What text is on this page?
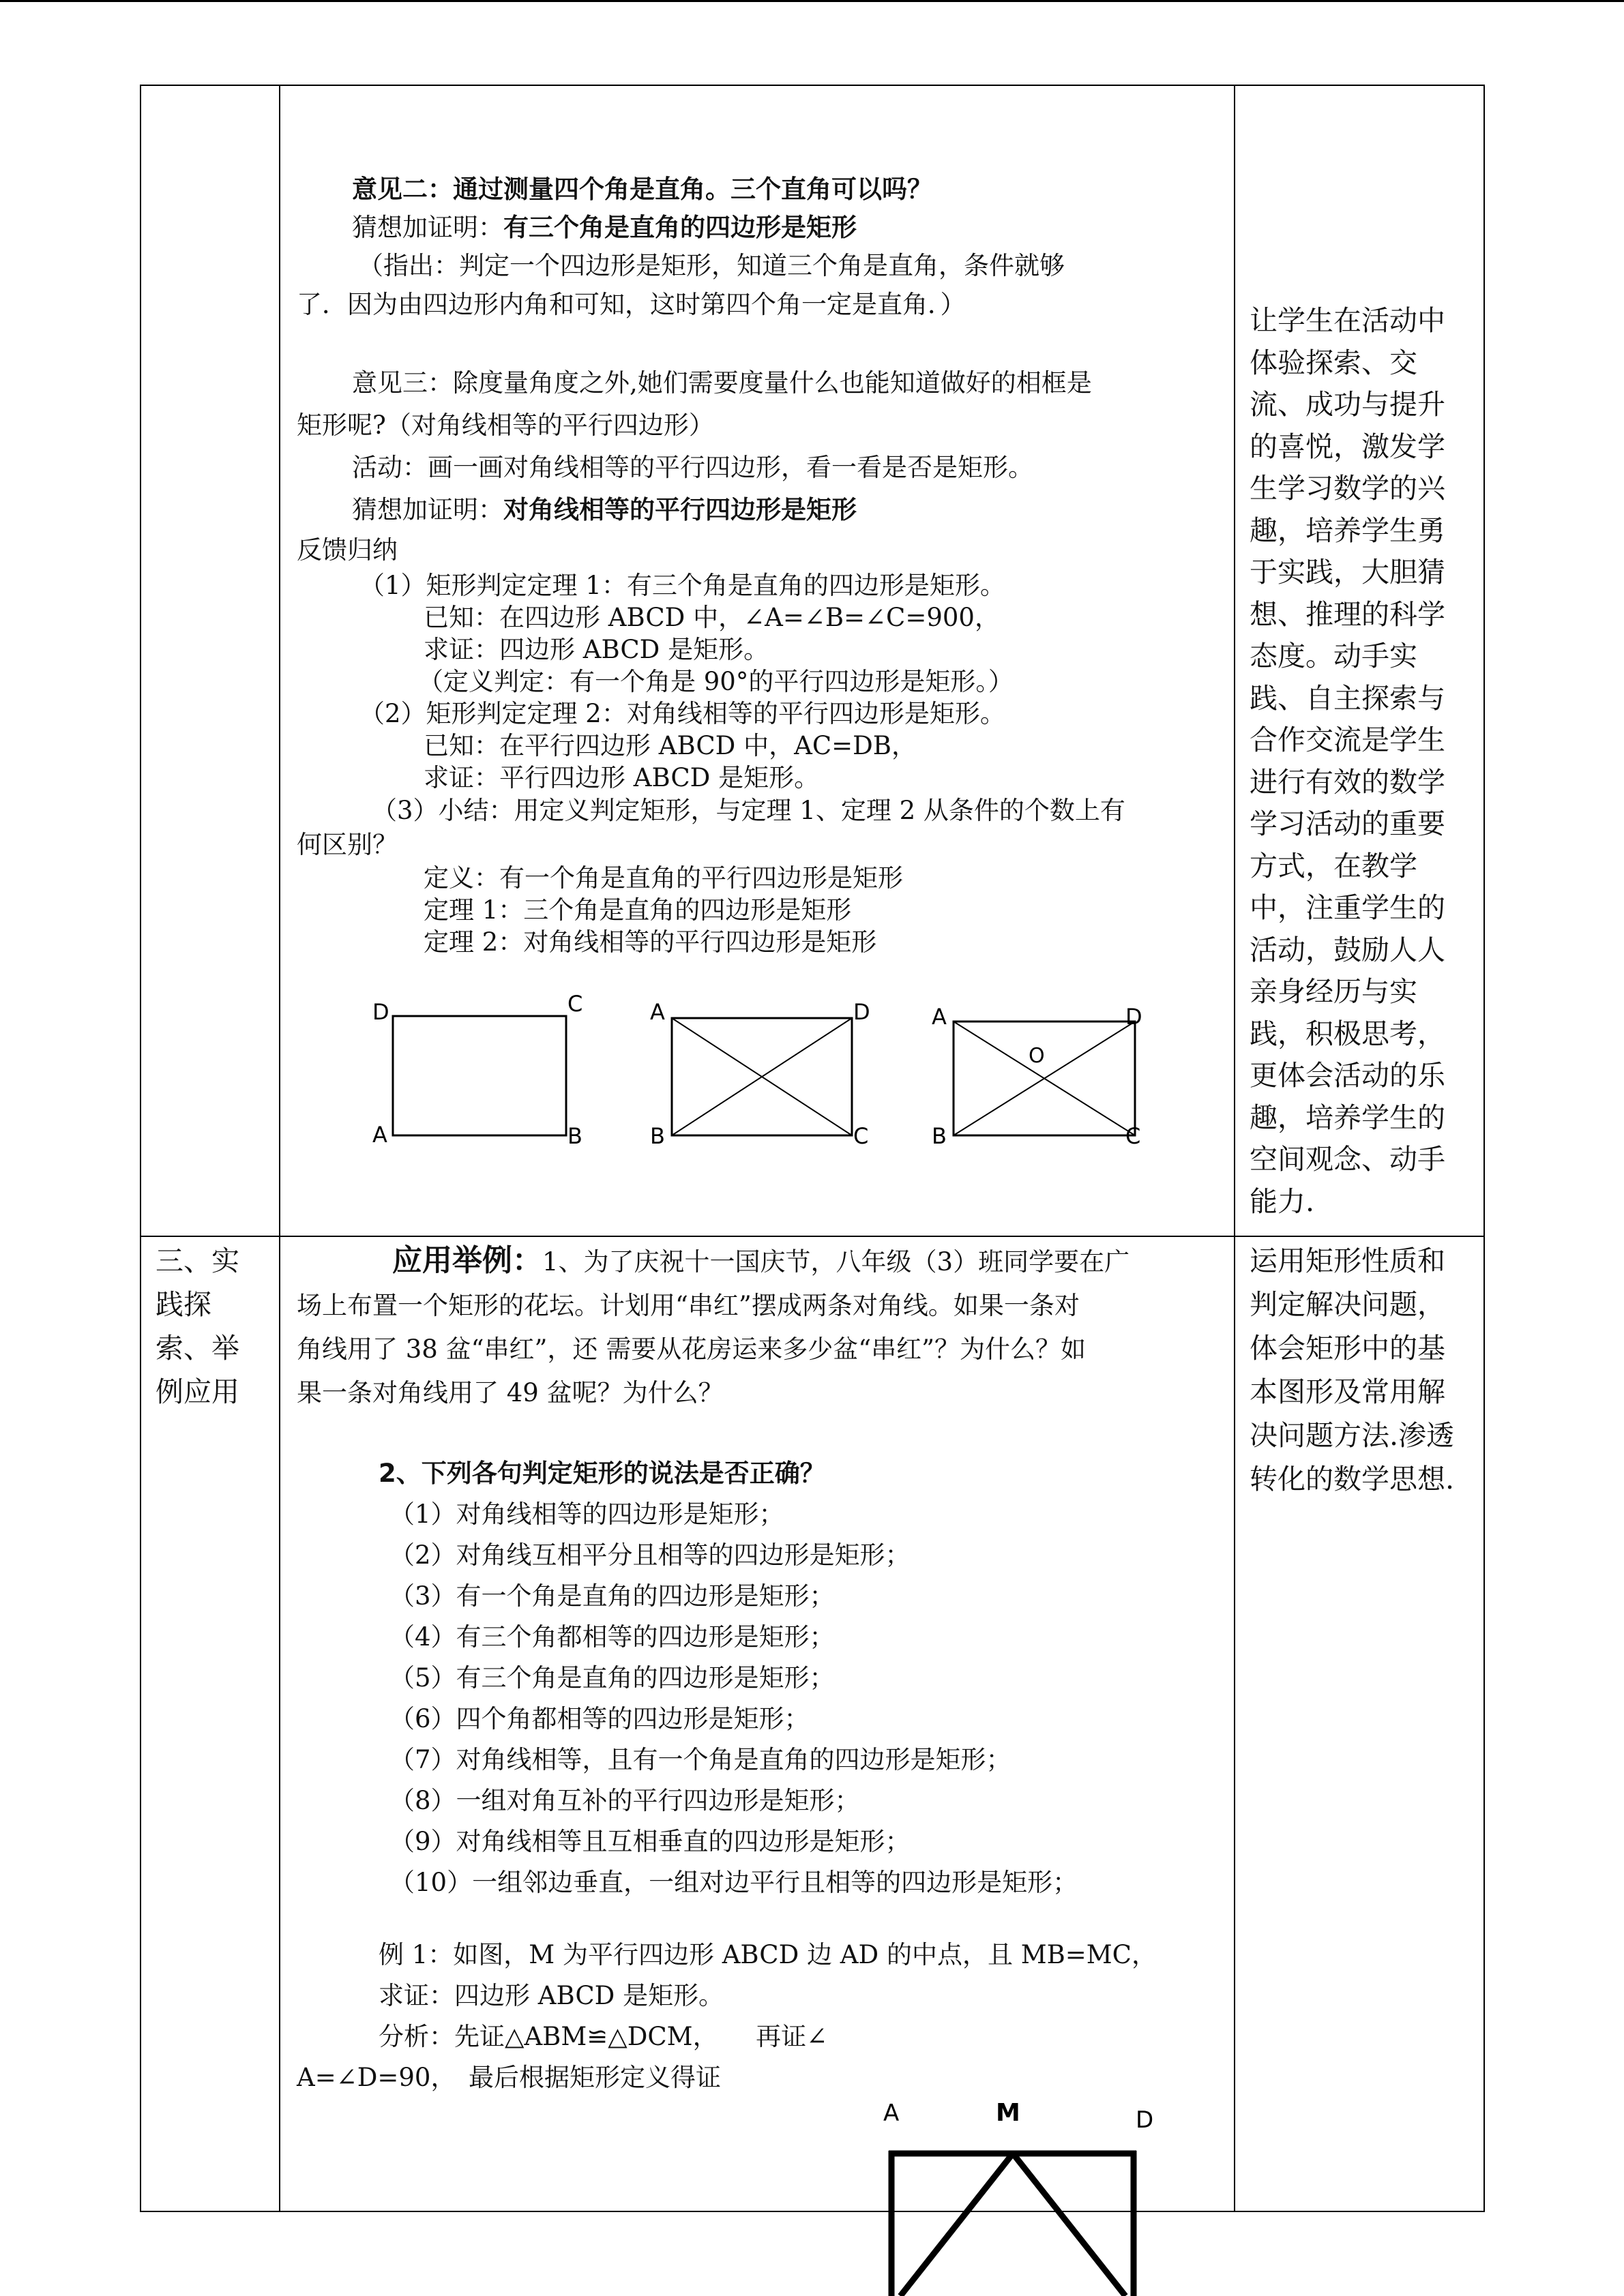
意见二：通过测量四个角是直角。三个直角可以吗？
猜想加证明：有三个角是直角的四边形是矩形
（指出：判定一个四边形是矩形，知道三个角是直角，条件就够
了．因为由四边形内角和可知，这时第四个角一定是直角．）
意见三：除度量角度之外,她们需要度量什么也能知道做好的相框是
矩形呢?（对角线相等的平行四边形）
活动：画一画对角线相等的平行四边形，看一看是否是矩形。
猜想加证明：对角线相等的平行四边形是矩形
反馈归纳
（1）矩形判定定理 1：有三个角是直角的四边形是矩形。
已知：在四边形 ABCD 中，∠A=∠B=∠C=900，
求证：四边形 ABCD 是矩形。
（定义判定：有一个角是 90°的平行四边形是矩形。）
（2）矩形判定定理 2：对角线相等的平行四边形是矩形。
已知：在平行四边形 ABCD 中，AC=DB，
求证：平行四边形 ABCD 是矩形。
（3）小结：用定义判定矩形，与定理 1、定理 2 从条件的个数上有
何区别？
定义：有一个角是直角的平行四边形是矩形
定理 1：三个角是直角的四边形是矩形
定理 2：对角线相等的平行四边形是矩形
D	C
A	B
A	D
B	C
A	D
B	C
O
让学生在活动中
体验探索、交
流、成功与提升
的喜悦，激发学
生学习数学的兴
趣，培养学生勇
于实践，大胆猜
想、推理的科学
态度。动手实
践、自主探索与
合作交流是学生
进行有效的数学
学习活动的重要
方式，在教学
中，注重学生的
活动，鼓励人人
亲身经历与实
践，积极思考，
更体会活动的乐
趣，培养学生的
空间观念、动手
能力.
三、实
践探
索、举
例应用
应用举例：1、为了庆祝十一国庆节，八年级（3）班同学要在广
场上布置一个矩形的花坛。计划用“串红”摆成两条对角线。如果一条对
角线用了 38 盆“串红”，还 需要从花房运来多少盆“串红”？为什么？如
果一条对角线用了 49 盆呢？为什么？
2、下列各句判定矩形的说法是否正确？
（1）对角线相等的四边形是矩形；
（2）对角线互相平分且相等的四边形是矩形；
（3）有一个角是直角的四边形是矩形；
（4）有三个角都相等的四边形是矩形；
（5）有三个角是直角的四边形是矩形；
（6）四个角都相等的四边形是矩形；
（7）对角线相等，且有一个角是直角的四边形是矩形；
（8）一组对角互补的平行四边形是矩形；
（9）对角线相等且互相垂直的四边形是矩形；
（10）一组邻边垂直，一组对边平行且相等的四边形是矩形；
例 1：如图，M 为平行四边形 ABCD 边 AD 的中点，且 MB=MC，
求证：四边形 ABCD 是矩形。
分析：先证△ABM≌△DCM，　　再证∠
A=∠D=90，　最后根据矩形定义得证
A	M	D
运用矩形性质和
判定解决问题，
体会矩形中的基
本图形及常用解
决问题方法.渗透
转化的数学思想.
